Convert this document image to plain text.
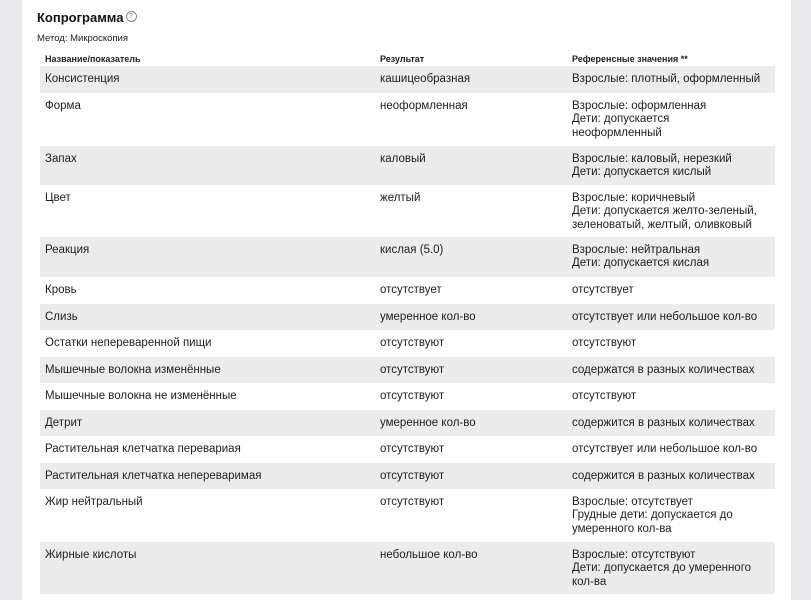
Копрограмма ?
Метод: Микроскопия
Название/показатель	Результат	Референсные значения **
Консистенция	кашицеобразная	Взрослые: плотный, оформленный
Форма	неоформленная	Взрослые: оформленная
Дети: допускается
неоформленный
Запах	каловый	Взрослые: каловый, нерезкий
Дети: допускается кислый
Цвет	желтый	Взрослые: коричневый
Дети: допускается желто-зеленый,
зеленоватый, желтый, оливковый
Реакция	кислая (5.0)	Взрослые: нейтральная
Дети: допускается кислая
Кровь	отсутствует	отсутствует
Слизь	умеренное кол-во	отсутствует или небольшое кол-во
Остатки непереваренной пищи	отсутствуют	отсутствуют
Мышечные волокна изменённые	отсутствуют	содержатся в разных количествах
Мышечные волокна не изменённые	отсутствуют	отсутствуют
Детрит	умеренное кол-во	содержится в разных количествах
Растительная клетчатка перевариая	отсутствуют	отсутствует или небольшое кол-во
Растительная клетчатка непереваримая	отсутствуют	содержится в разных количествах
Жир нейтральный	отсутствуют	Взрослые: отсутствует
Грудные дети: допускается до
умеренного кол-ва
Жирные кислоты	небольшое кол-во	Взрослые: отсутствуют
Дети: допускается до умеренного
кол-ва
